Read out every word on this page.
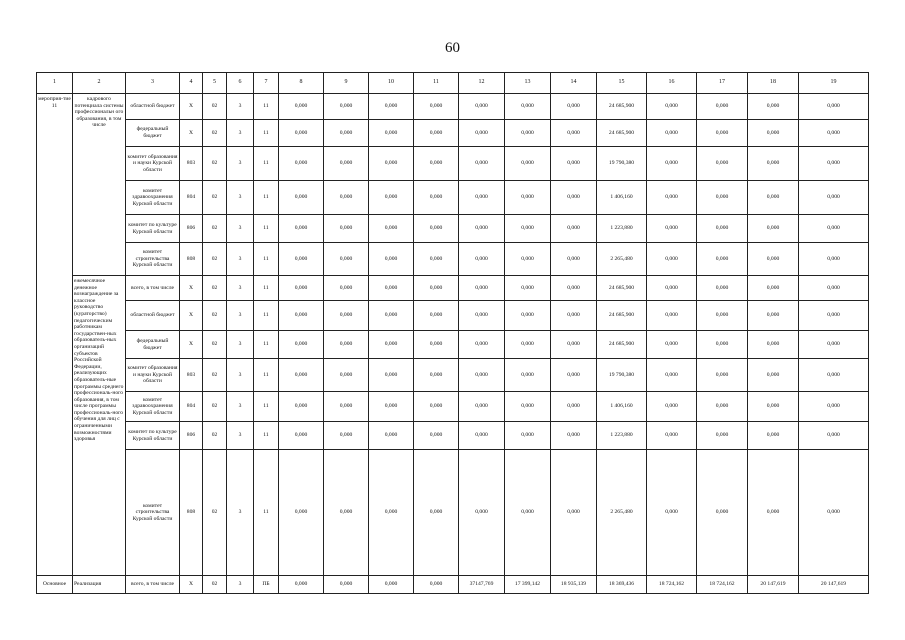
60
1	2	3	4	5	6	7	8	9	10	11	12	13	14	15	16	17	18	19
мероприя-тие 11	кадрового потенциала системы профессиональн ого образования, в том числе	областной бюджет	Х	02	3	11	0,000	0,000	0,000	0,000	0,000	0,000	0,000	24 685,900	0,000	0,000	0,000	0,000
		федеральный бюджет	Х	02	3	11	0,000	0,000	0,000	0,000	0,000	0,000	0,000	24 685,900	0,000	0,000	0,000	0,000
		комитет образования и науки Курской области	803	02	3	11	0,000	0,000	0,000	0,000	0,000	0,000	0,000	19 790,380	0,000	0,000	0,000	0,000
		комитет здравоохранения Курской области	804	02	3	11	0,000	0,000	0,000	0,000	0,000	0,000	0,000	1 406,160	0,000	0,000	0,000	0,000
		комитет по культуре Курской области	806	02	3	11	0,000	0,000	0,000	0,000	0,000	0,000	0,000	1 223,880	0,000	0,000	0,000	0,000
		комитет строительства Курской области	808	02	3	11	0,000	0,000	0,000	0,000	0,000	0,000	0,000	2 265,480	0,000	0,000	0,000	0,000
	ежемесячное денежное вознаграждение за классное руководство (кураторство) педагогическим работникам государствен-ных образователь-ных организаций субъектов Российской Федерации, реализующих образователь-ные программы среднего профессиональ-ного образования, в том числе программы профессиональ-ного обучения для лиц с ограниченными возможностями здоровья	всего, в том числе	Х	02	3	11	0,000	0,000	0,000	0,000	0,000	0,000	0,000	24 685,900	0,000	0,000	0,000	0,000
		областной бюджет	Х	02	3	11	0,000	0,000	0,000	0,000	0,000	0,000	0,000	24 685,900	0,000	0,000	0,000	0,000
		федеральный бюджет	Х	02	3	11	0,000	0,000	0,000	0,000	0,000	0,000	0,000	24 685,900	0,000	0,000	0,000	0,000
		комитет образования и науки Курской области	803	02	3	11	0,000	0,000	0,000	0,000	0,000	0,000	0,000	19 790,380	0,000	0,000	0,000	0,000
		комитет здравоохранения Курской области	804	02	3	11	0,000	0,000	0,000	0,000	0,000	0,000	0,000	1 406,160	0,000	0,000	0,000	0,000
		комитет по культуре Курской области	806	02	3	11	0,000	0,000	0,000	0,000	0,000	0,000	0,000	1 223,880	0,000	0,000	0,000	0,000
		комитет строительства Курской области	808	02	3	11	0,000	0,000	0,000	0,000	0,000	0,000	0,000	2 265,480	0,000	0,000	0,000	0,000
Основное	Реализация	всего, в том числе	Х	02	3	ПБ	0,000	0,000	0,000	0,000	37147,769	17 399,142	18 935,139	18 369,436	18 724,162	18 724,162	20 147,619	20 147,619
